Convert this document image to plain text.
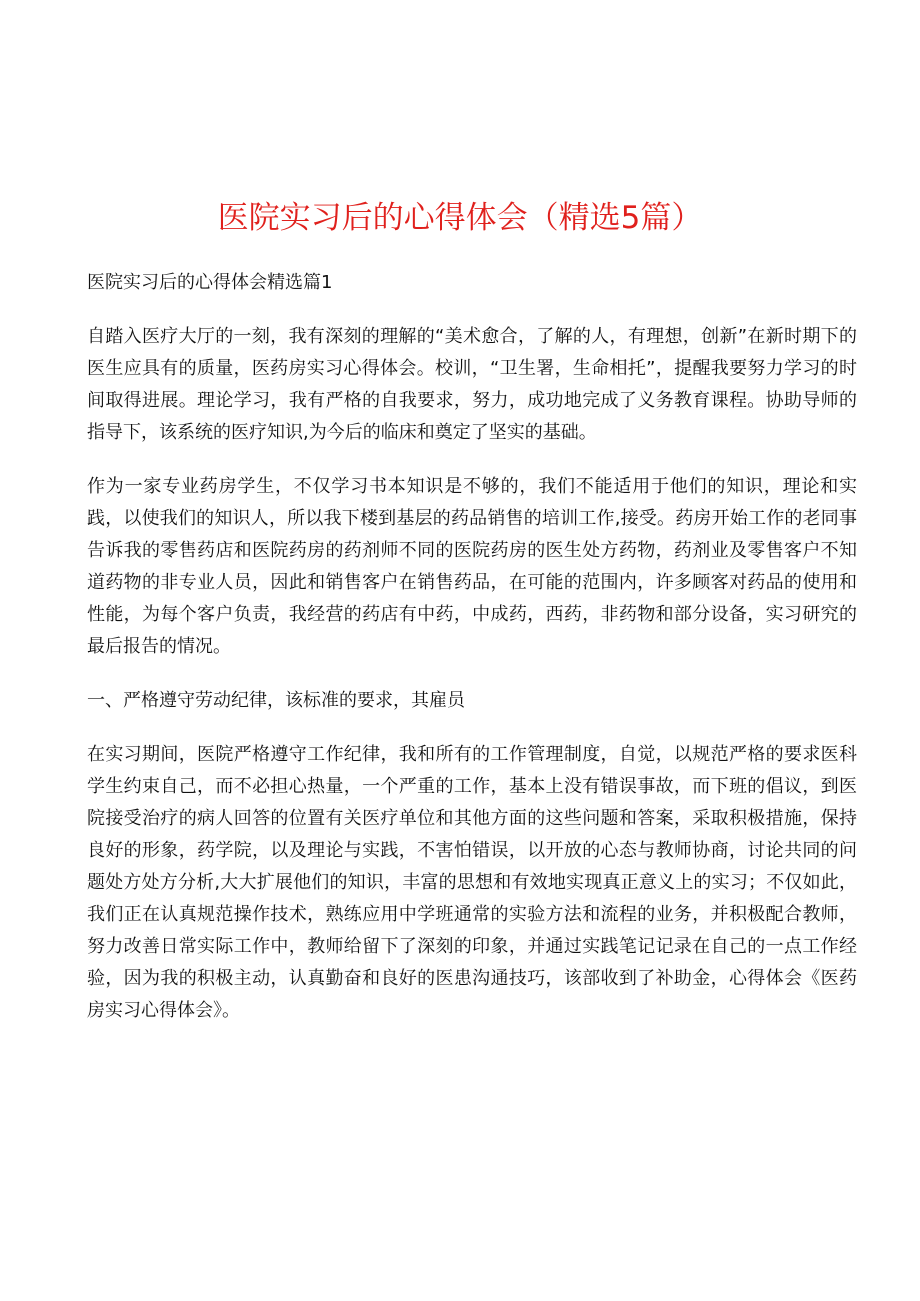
医院实习后的心得体会（精选5篇）

医院实习后的心得体会精选篇1

自踏入医疗大厅的一刻，我有深刻的理解的“美术愈合，了解的人，有理想，创新”在新时期下的医生应具有的质量，医药房实习心得体会。校训，“卫生署，生命相托”，提醒我要努力学习的时间取得进展。理论学习，我有严格的自我要求，努力，成功地完成了义务教育课程。协助导师的指导下，该系统的医疗知识,为今后的临床和奠定了坚实的基础。

作为一家专业药房学生，不仅学习书本知识是不够的，我们不能适用于他们的知识，理论和实践，以使我们的知识人，所以我下楼到基层的药品销售的培训工作,接受。药房开始工作的老同事告诉我的零售药店和医院药房的药剂师不同的医院药房的医生处方药物，药剂业及零售客户不知道药物的非专业人员，因此和销售客户在销售药品，在可能的范围内，许多顾客对药品的使用和性能，为每个客户负责，我经营的药店有中药，中成药，西药，非药物和部分设备，实习研究的最后报告的情况。

一、严格遵守劳动纪律，该标准的要求，其雇员

在实习期间，医院严格遵守工作纪律，我和所有的工作管理制度，自觉，以规范严格的要求医科学生约束自己，而不必担心热量，一个严重的工作，基本上没有错误事故，而下班的倡议，到医院接受治疗的病人回答的位置有关医疗单位和其他方面的这些问题和答案，采取积极措施，保持良好的形象，药学院，以及理论与实践，不害怕错误，以开放的心态与教师协商，讨论共同的问题处方处方分析,大大扩展他们的知识，丰富的思想和有效地实现真正意义上的实习；不仅如此，我们正在认真规范操作技术，熟练应用中学班通常的实验方法和流程的业务，并积极配合教师，努力改善日常实际工作中，教师给留下了深刻的印象，并通过实践笔记记录在自己的一点工作经验，因为我的积极主动，认真勤奋和良好的医患沟通技巧，该部收到了补助金，心得体会《医药房实习心得体会》。
